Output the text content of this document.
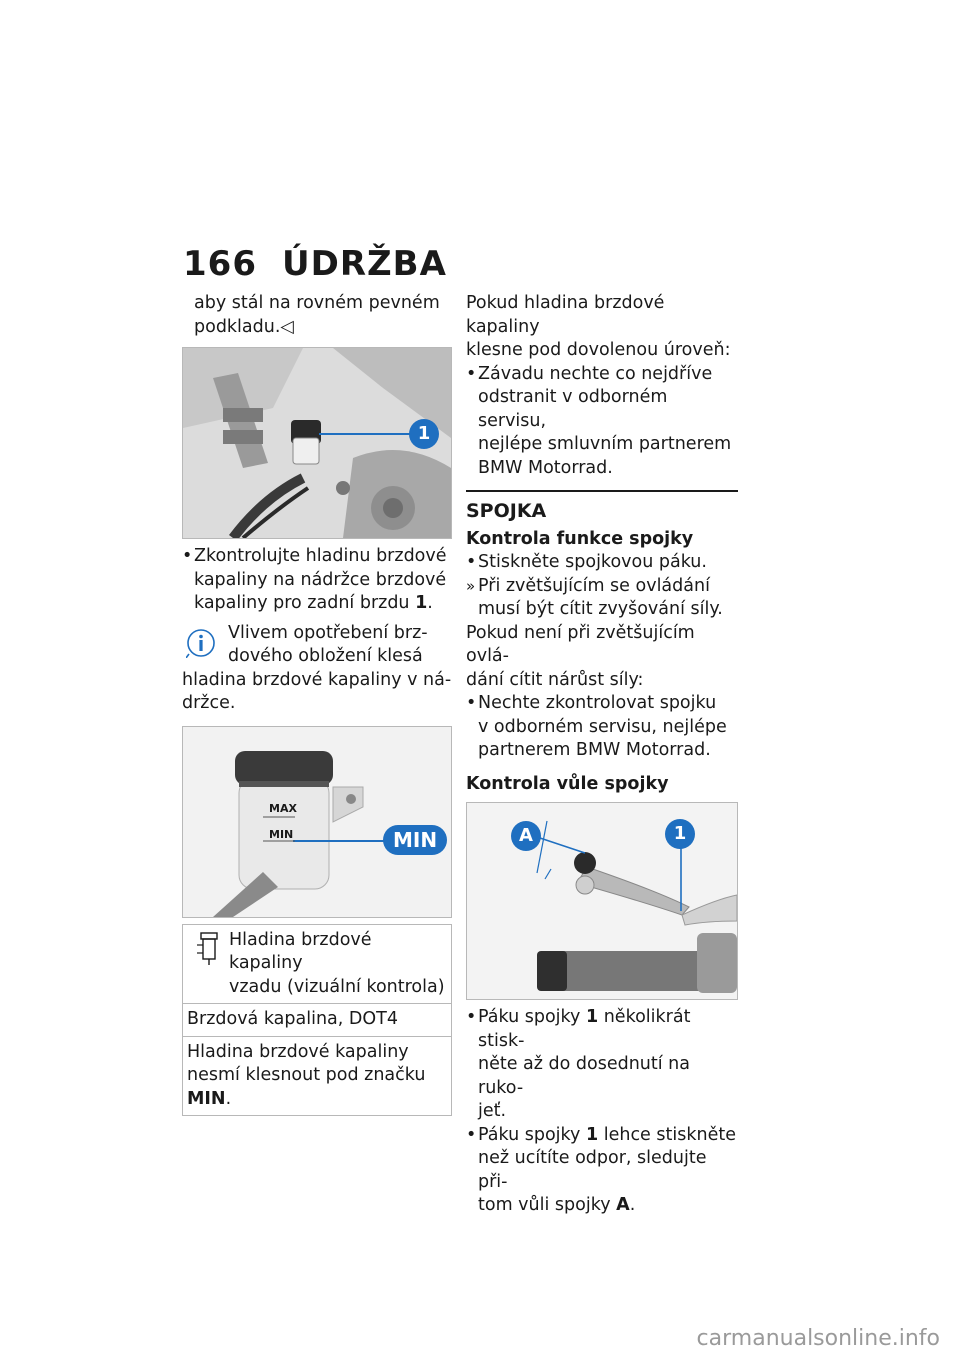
166 ÚDRŽBA

aby stál na rovném pevném

podkladu.◁

1

• Zkontrolujte hladinu brzdové

kapaliny na nádržce brzdové

kapaliny pro zadní brzdu 1.

Vlivem opotřebení brz-

dového obložení klesá

hladina brzdové kapaliny v ná-

držce.

MAX
MIN	MIN

Hladina brzdové kapaliny

vzadu (vizuální kontrola)

Brzdová kapalina, DOT4

Hladina brzdové kapaliny

nesmí klesnout pod značku

MIN.

Pokud hladina brzdové kapaliny

klesne pod dovolenou úroveň:

• Závadu nechte co nejdříve

odstranit v odborném servisu,

nejlépe smluvním partnerem

BMW Motorrad.

SPOJKA
Kontrola funkce spojky

• Stiskněte spojkovou páku.

» Při zvětšujícím se ovládání

musí být cítit zvyšování síly.

Pokud není při zvětšujícím ovlá-

dání cítit nárůst síly:

• Nechte zkontrolovat spojku

v odborném servisu, nejlépe

partnerem BMW Motorrad.

Kontrola vůle spojky
A	1

• Páku spojky 1 několikrát stisk-

něte až do dosednutí na ruko-

jeť.

• Páku spojky 1 lehce stiskněte

než ucítíte odpor, sledujte při-

tom vůli spojky A.

carmanualsonline.info
